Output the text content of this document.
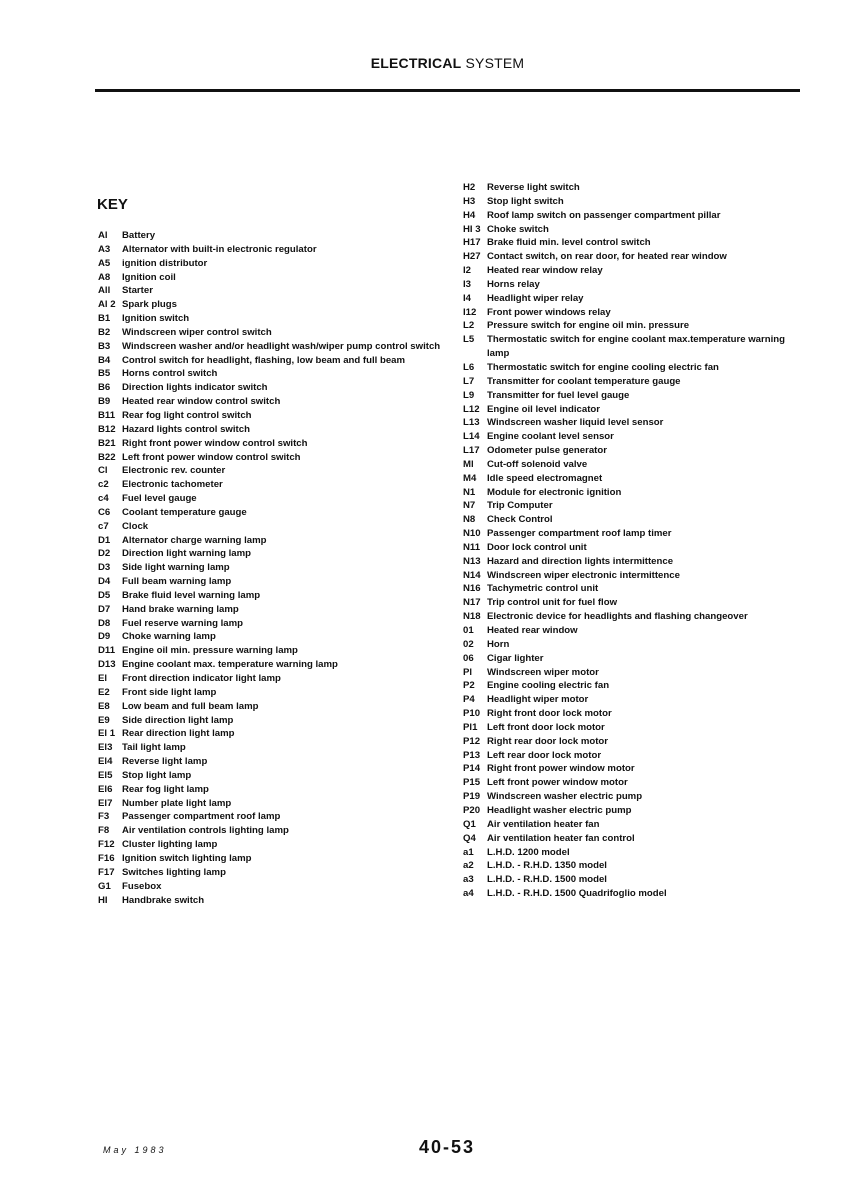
ELECTRICAL SYSTEM
KEY
Al Battery
A3 Alternator with built-in electronic regulator
A5 ignition distributor
A8 Ignition coil
All Starter
Al 2 Spark plugs
B1 Ignition switch
B2 Windscreen wiper control switch
B3 Windscreen washer and/or headlight wash/wiper pump control switch
B4 Control switch for headlight, flashing, low beam and full beam
B5 Horns control switch
B6 Direction lights indicator switch
B9 Heated rear window control switch
B11 Rear fog light control switch
B12 Hazard lights control switch
B21 Right front power window control switch
B22 Left front power window control switch
Cl Electronic rev. counter
c2 Electronic tachometer
c4 Fuel level gauge
C6 Coolant temperature gauge
c7 Clock
D1 Alternator charge warning lamp
D2 Direction light warning lamp
D3 Side light warning lamp
D4 Full beam warning lamp
D5 Brake fluid level warning lamp
D7 Hand brake warning lamp
D8 Fuel reserve warning lamp
D9 Choke warning lamp
D11 Engine oil min. pressure warning lamp
D13 Engine coolant max. temperature warning lamp
El Front direction indicator light lamp
E2 Front side light lamp
E8 Low beam and full beam lamp
E9 Side direction light lamp
El 1 Rear direction light lamp
El3 Tail light lamp
El4 Reverse light lamp
El5 Stop light lamp
El6 Rear fog light lamp
El7 Number plate light lamp
F3 Passenger compartment roof lamp
F8 Air ventilation controls lighting lamp
F12 Cluster lighting lamp
F16 Ignition switch lighting lamp
F17 Switches lighting lamp
G1 Fusebox
HI Handbrake switch
H2 Reverse light switch
H3 Stop light switch
H4 Roof lamp switch on passenger compartment pillar
HI 3 Choke switch
H17 Brake fluid min. level control switch
H27 Contact switch, on rear door, for heated rear window
I2 Heated rear window relay
I3 Horns relay
I4 Headlight wiper relay
I12 Front power windows relay
L2 Pressure switch for engine oil min. pressure
L5 Thermostatic switch for engine coolant max.temperature warning lamp
L6 Thermostatic switch for engine cooling electric fan
L7 Transmitter for coolant temperature gauge
L9 Transmitter for fuel level gauge
L12 Engine oil level indicator
L13 Windscreen washer liquid level sensor
L14 Engine coolant level sensor
L17 Odometer pulse generator
Ml Cut-off solenoid valve
M4 Idle speed electromagnet
N1 Module for electronic ignition
N7 Trip Computer
N8 Check Control
N10 Passenger compartment roof lamp timer
N11 Door lock control unit
N13 Hazard and direction lights intermittence
N14 Windscreen wiper electronic intermittence
N16 Tachymetric control unit
N17 Trip control unit for fuel flow
N18 Electronic device for headlights and flashing changeover
01 Heated rear window
02 Horn
06 Cigar lighter
Pl Windscreen wiper motor
P2 Engine cooling electric fan
P4 Headlight wiper motor
P10 Right front door lock motor
Pl1 Left front door lock motor
P12 Right rear door lock motor
P13 Left rear door lock motor
P14 Right front power window motor
P15 Left front power window motor
P19 Windscreen washer electric pump
P20 Headlight washer electric pump
Q1 Air ventilation heater fan
Q4 Air ventilation heater fan control
a1 L.H.D. 1200 model
a2 L.H.D. - R.H.D. 1350 model
a3 L.H.D. - R.H.D. 1500 model
a4 L.H.D. - R.H.D. 1500 Quadrifoglio model
May 1983	40-53
